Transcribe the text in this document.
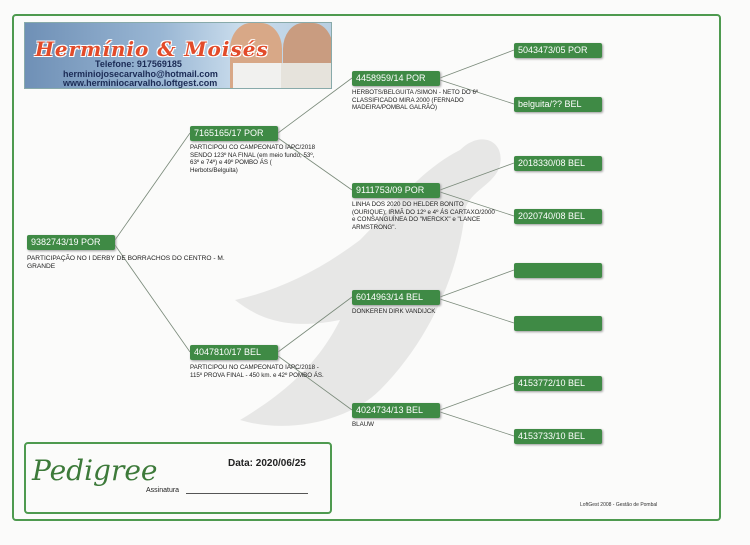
Hermínio & Moisés
Telefone: 917569185
herminiojosecarvalho@hotmail.com
www.herminiocarvalho.loftgest.com
9382743/19 POR
PARTICIPAÇÃO NO I DERBY DE BORRACHOS DO CENTRO - M. GRANDE
7165165/17 POR
PARTICIPOU CO CAMPEONATO IAPC/2018 SENDO 123º NA FINAL (em meio fundo, 53º, 63º e 74º) e 49º POMBO ÁS ( Herbots/Belguita)
4047810/17 BEL
PARTICIPOU NO CAMPEONATO IAPC/2018 - 115º PROVA FINAL - 450 km. e 42º POMBO ÁS.
4458959/14 POR
HERBOTS/BELGUITA /SIMON - NETO DO 6º CLASSIFICADO MIRA 2000 (FERNADO MADEIRA/POMBAL GALRÃO)
9111753/09 POR
LINHA DOS 2020 DO HELDER BONITO (OURIQUE); IRMÃ DO 12º e 4º ÁS CARTAXO/2000 e CONSANGUÍNEA DO "MERCKX" e "LANCE ARMSTRONG".
6014963/14 BEL
DONKEREN DIRK VANDIJCK
4024734/13 BEL
BLAUW
5043473/05 POR
belguita/?? BEL
2018330/08 BEL
2020740/08 BEL
4153772/10 BEL
4153733/10 BEL
Pedigree	Data: 2020/06/25
Assinatura
LoftGest 2008 - Gestão de Pombal
